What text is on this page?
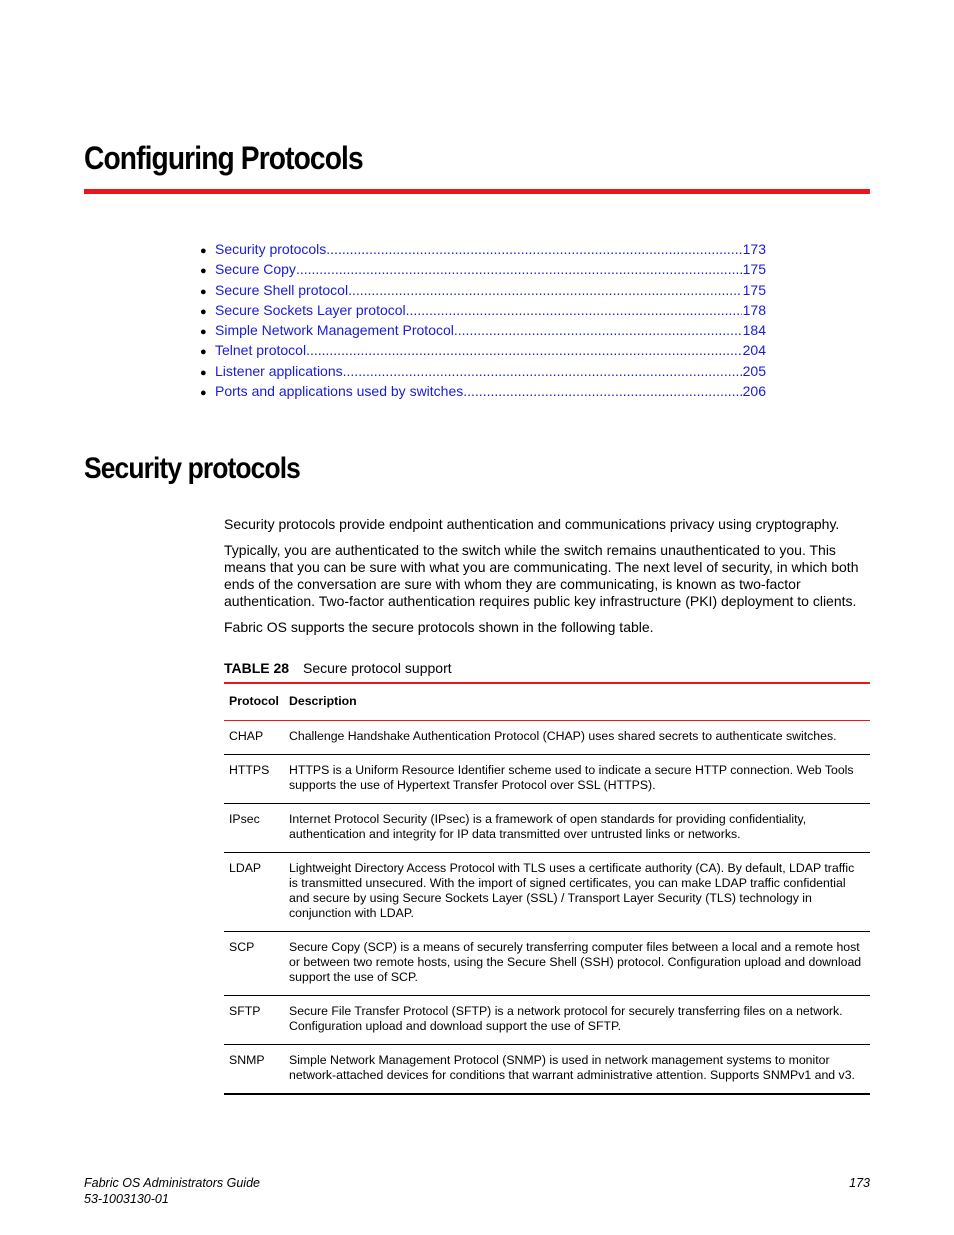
Configuring Protocols
● Security protocols .....	173
● Secure Copy .....	175
● Secure Shell protocol .....	175
● Secure Sockets Layer protocol .....	178
● Simple Network Management Protocol .....	184
● Telnet protocol .....	204
● Listener applications .....	205
● Ports and applications used by switches .....	206
Security protocols

Security protocols provide endpoint authentication and communications privacy using cryptography.

Typically, you are authenticated to the switch while the switch remains unauthenticated to you. This means that you can be sure with what you are communicating. The next level of security, in which both ends of the conversation are sure with whom they are communicating, is known as two-factor authentication. Two-factor authentication requires public key infrastructure (PKI) deployment to clients.

Fabric OS supports the secure protocols shown in the following table.

TABLE 28 Secure protocol support
Protocol	Description
CHAP	Challenge Handshake Authentication Protocol (CHAP) uses shared secrets to authenticate switches.
HTTPS	HTTPS is a Uniform Resource Identifier scheme used to indicate a secure HTTP connection. Web Tools supports the use of Hypertext Transfer Protocol over SSL (HTTPS).
IPsec	Internet Protocol Security (IPsec) is a framework of open standards for providing confidentiality, authentication and integrity for IP data transmitted over untrusted links or networks.
LDAP	Lightweight Directory Access Protocol with TLS uses a certificate authority (CA). By default, LDAP traffic is transmitted unsecured. With the import of signed certificates, you can make LDAP traffic confidential and secure by using Secure Sockets Layer (SSL) / Transport Layer Security (TLS) technology in conjunction with LDAP.
SCP	Secure Copy (SCP) is a means of securely transferring computer files between a local and a remote host or between two remote hosts, using the Secure Shell (SSH) protocol. Configuration upload and download support the use of SCP.
SFTP	Secure File Transfer Protocol (SFTP) is a network protocol for securely transferring files on a network. Configuration upload and download support the use of SFTP.
SNMP	Simple Network Management Protocol (SNMP) is used in network management systems to monitor network-attached devices for conditions that warrant administrative attention. Supports SNMPv1 and v3.
Fabric OS Administrators Guide
53-1003130-01
173
